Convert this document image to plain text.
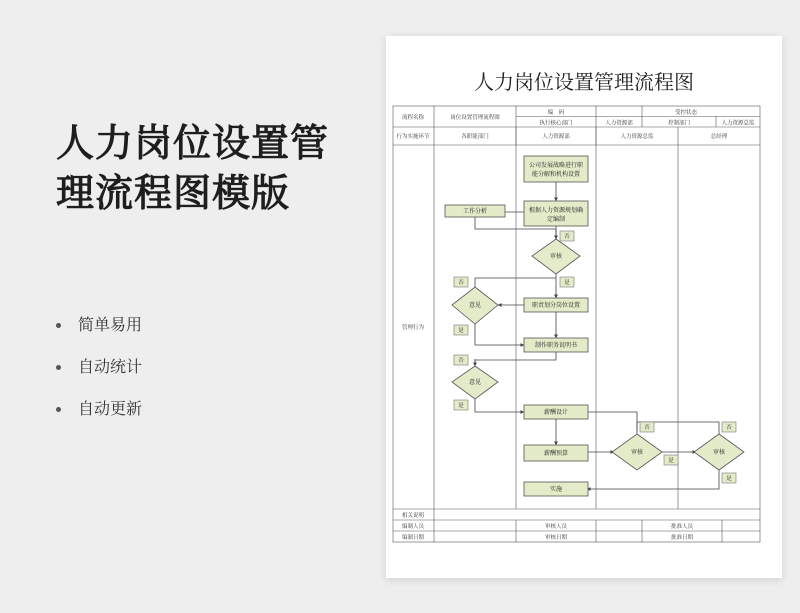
人力岗位设置管
理流程图模版
简单易用
自动统计
自动更新
人力岗位设置管理流程图
流程名称	岗位设置管理流程图
编　码	受控状态
执行核心部门	人力资源部	控制部门	人力资源总监
行为实施环节	各职能部门	人力资源部	人力资源总监	总经理
管理行为
相关说明
编制人员	审核人员	批准人员
编制日期	审核日期	批准日期
公司发展战略进行职
能分解和机构设置
根据人力资源规划确
定编制
工作分析
审核
意见	职责划分岗位设置
制作职务说明书
意见
薪酬设计
薪酬预算	审核	审核
实施
否
是
否
是
否
是
否
是
否
是
